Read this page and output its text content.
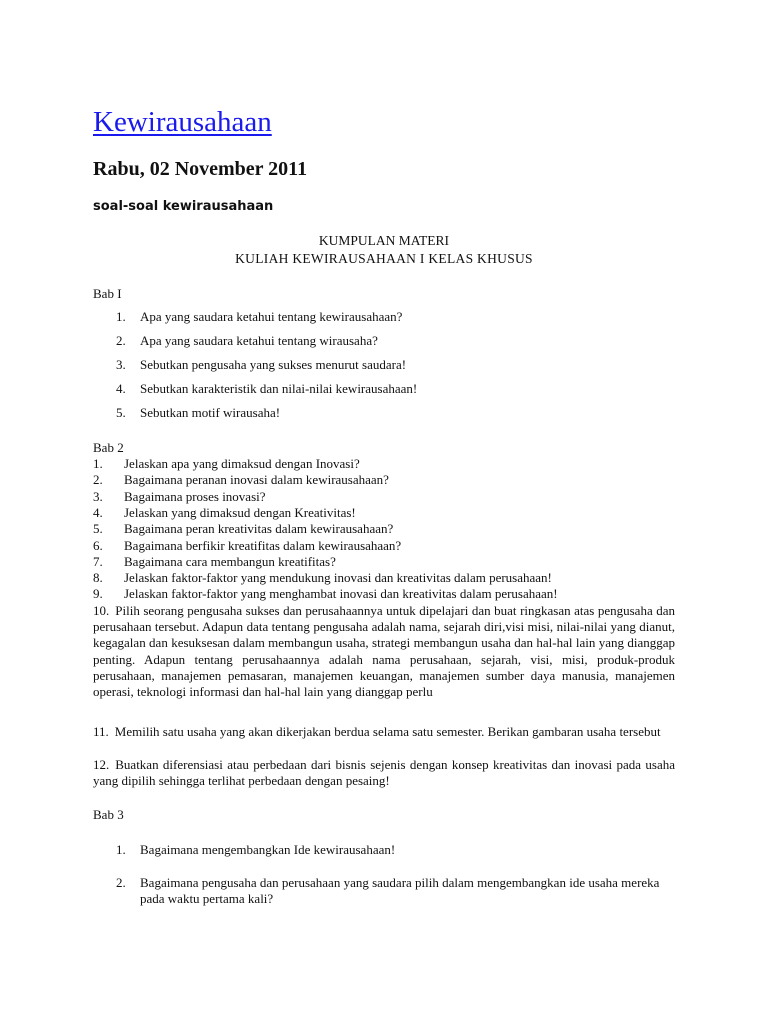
Kewirausahaan
Rabu, 02 November 2011
soal-soal kewirausahaan
KUMPULAN MATERI
KULIAH KEWIRAUSAHAAN I KELAS KHUSUS
Bab I
1.	Apa yang saudara ketahui tentang kewirausahaan?
2.	Apa yang saudara ketahui tentang wirausaha?
3.	Sebutkan pengusaha yang sukses menurut saudara!
4.	Sebutkan karakteristik dan nilai-nilai kewirausahaan!
5.	Sebutkan motif wirausaha!
Bab 2
1. Jelaskan apa yang dimaksud dengan Inovasi?
2. Bagaimana peranan inovasi dalam kewirausahaan?
3. Bagaimana proses inovasi?
4. Jelaskan yang dimaksud dengan Kreativitas!
5. Bagaimana peran kreativitas dalam kewirausahaan?
6. Bagaimana berfikir kreatifitas dalam kewirausahaan?
7. Bagaimana cara membangun kreatifitas?
8. Jelaskan faktor-faktor yang mendukung inovasi dan kreativitas dalam perusahaan!
9. Jelaskan faktor-faktor yang menghambat inovasi dan kreativitas dalam perusahaan!
10. Pilih seorang pengusaha sukses dan perusahaannya untuk dipelajari dan buat ringkasan atas pengusaha dan perusahaan tersebut. Adapun data tentang pengusaha adalah nama, sejarah diri,visi misi, nilai-nilai yang dianut, kegagalan dan kesuksesan dalam membangun usaha, strategi membangun usaha dan hal-hal lain yang dianggap penting. Adapun tentang perusahaannya adalah nama perusahaan, sejarah, visi, misi, produk-produk perusahaan, manajemen pemasaran, manajemen keuangan, manajemen sumber daya manusia, manajemen operasi, teknologi informasi dan hal-hal lain yang dianggap perlu
11. Memilih satu usaha yang akan dikerjakan berdua selama satu semester. Berikan gambaran usaha tersebut
12. Buatkan diferensiasi atau perbedaan dari bisnis sejenis dengan konsep kreativitas dan inovasi pada usaha yang dipilih sehingga terlihat perbedaan dengan pesaing!
Bab 3
1. Bagaimana mengembangkan Ide kewirausahaan!
2. Bagaimana pengusaha dan perusahaan yang saudara pilih dalam mengembangkan ide usaha mereka pada waktu pertama kali?
